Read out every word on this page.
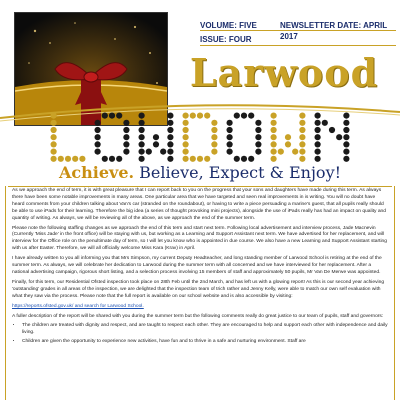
VOLUME: FIVE	NEWSLETTER DATE: APRIL 2017
ISSUE: FOUR
Larwood
Achieve. Believe, Expect & Enjoy!

As we approach the end of term, it is with great pleasure that I can report back to you on the progress that your sons and daughters have made during this term. As always there have been some notable improvements in many areas. One particular area that we have targeted and seen real improvements in is writing. You will no doubt have heard comments from your children talking about Van's car (stranded on the roundabout), or having to write a piece persuading a marine's guest, that all pupils really should be able to use iPads for their learning. Therefore the big idea (a series of thought provoking mini projects), alongside the use of iPads really has had an impact on quality and quantity of writing. As always, we will be reviewing all of the above, as we approach the end of the summer term.

Please note the following staffing changes as we approach the end of this term and start next term. Following local advertisement and interview process, Jade Macnevin (Currently 'Miss Jade' in the front office) will be staying with us, but working as a Learning and Support Assistant next term. We have advertised for her replacement, and will interview for the Office role on the penultimate day of term, so I will let you know who is appointed in due course. We also have a new Learning and Support Assistant starting with us after Easter. Therefore, we will all officially welcome Miss Kara (Krav) in April.

I have already written to you all informing you that Mrs Simpson, my current Deputy Headteacher, and long standing member of Larwood School is retiring at the end of the summer term. As always, we will celebrate her dedication to Larwood during the summer term with all concerned and we have interviewed for her replacement. After a national advertising campaign, rigorous short listing, and a selection process involving 15 members of staff and approximately 50 pupils, Mr Van De Merwe was appointed.

Finally, for this term, our Residential Ofsted inspection took place on 28th Feb until the 2nd March, and has left us with a glowing report! As this is our second year achieving 'outstanding' grades in all areas of the inspection, we are delighted that the inspection team of trich rather and Jenny Kelly, were able to match our own self evaluation with what they saw via the process. Please note that the full report is available on our school website and is also accessible by visiting:

https://reports.ofsted.gov.uk/ and search for Larwood School.

A fuller description of the report will be shared with you during the summer term but the following comments really do great justice to our team of pupils, staff and governors:

• The children are treated with dignity and respect, and are taught to respect each other. They are encouraged to help and support each other with independence and daily living.
• Children are given the opportunity to experience new activities, have fun and to thrive in a safe and nurturing environment. Staff are
